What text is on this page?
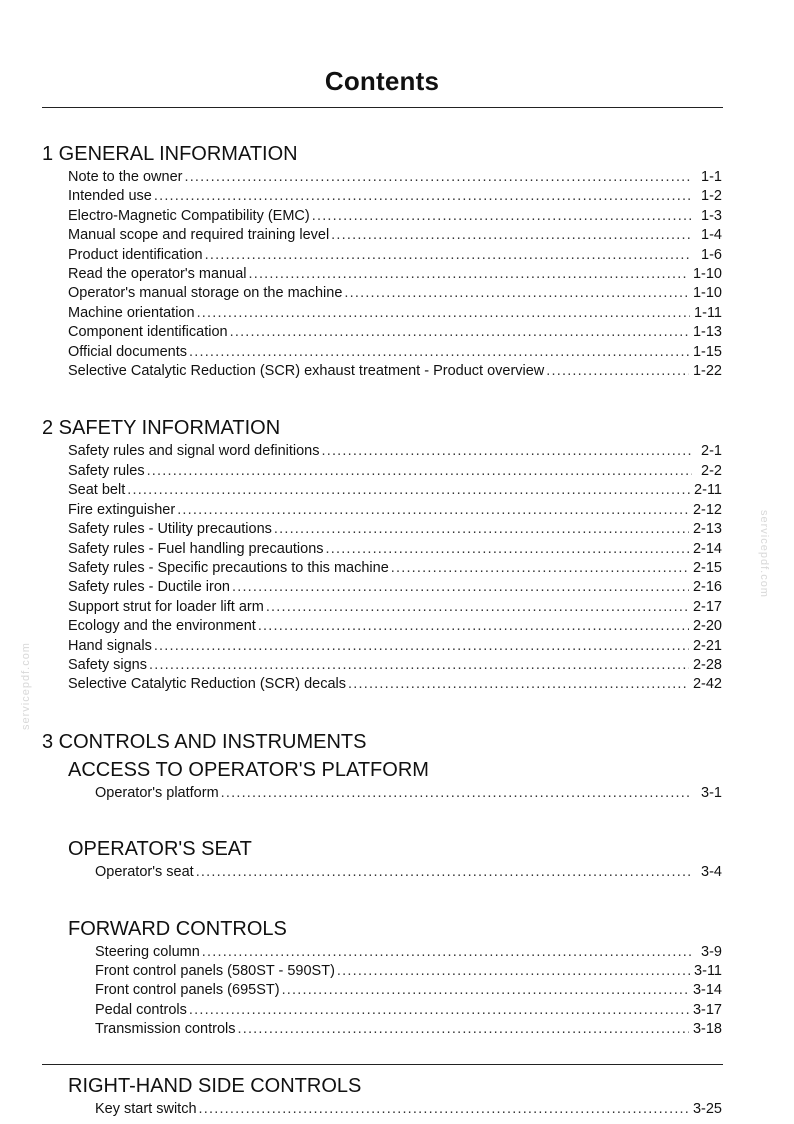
Contents
servicepdf.com
servicepdf.com
1 GENERAL INFORMATION
Note to the owner .....	1-1
Intended use .....	1-2
Electro-Magnetic Compatibility (EMC) .....	1-3
Manual scope and required training level .....	1-4
Product identification .....	1-6
Read the operator's manual .....	1-10
Operator's manual storage on the machine .....	1-10
Machine orientation .....	1-11
Component identification .....	1-13
Official documents .....	1-15
Selective Catalytic Reduction (SCR) exhaust treatment - Product overview .....	1-22
2 SAFETY INFORMATION
Safety rules and signal word definitions .....	2-1
Safety rules .....	2-2
Seat belt .....	2-11
Fire extinguisher .....	2-12
Safety rules - Utility precautions .....	2-13
Safety rules - Fuel handling precautions .....	2-14
Safety rules - Specific precautions to this machine .....	2-15
Safety rules - Ductile iron .....	2-16
Support strut for loader lift arm .....	2-17
Ecology and the environment .....	2-20
Hand signals .....	2-21
Safety signs .....	2-28
Selective Catalytic Reduction (SCR) decals .....	2-42
3 CONTROLS AND INSTRUMENTS
ACCESS TO OPERATOR'S PLATFORM
Operator's platform .....	3-1
OPERATOR'S SEAT
Operator's seat .....	3-4
FORWARD CONTROLS
Steering column .....	3-9
Front control panels (580ST - 590ST) .....	3-11
Front control panels (695ST) .....	3-14
Pedal controls .....	3-17
Transmission controls .....	3-18
RIGHT-HAND SIDE CONTROLS
Key start switch .....	3-25
